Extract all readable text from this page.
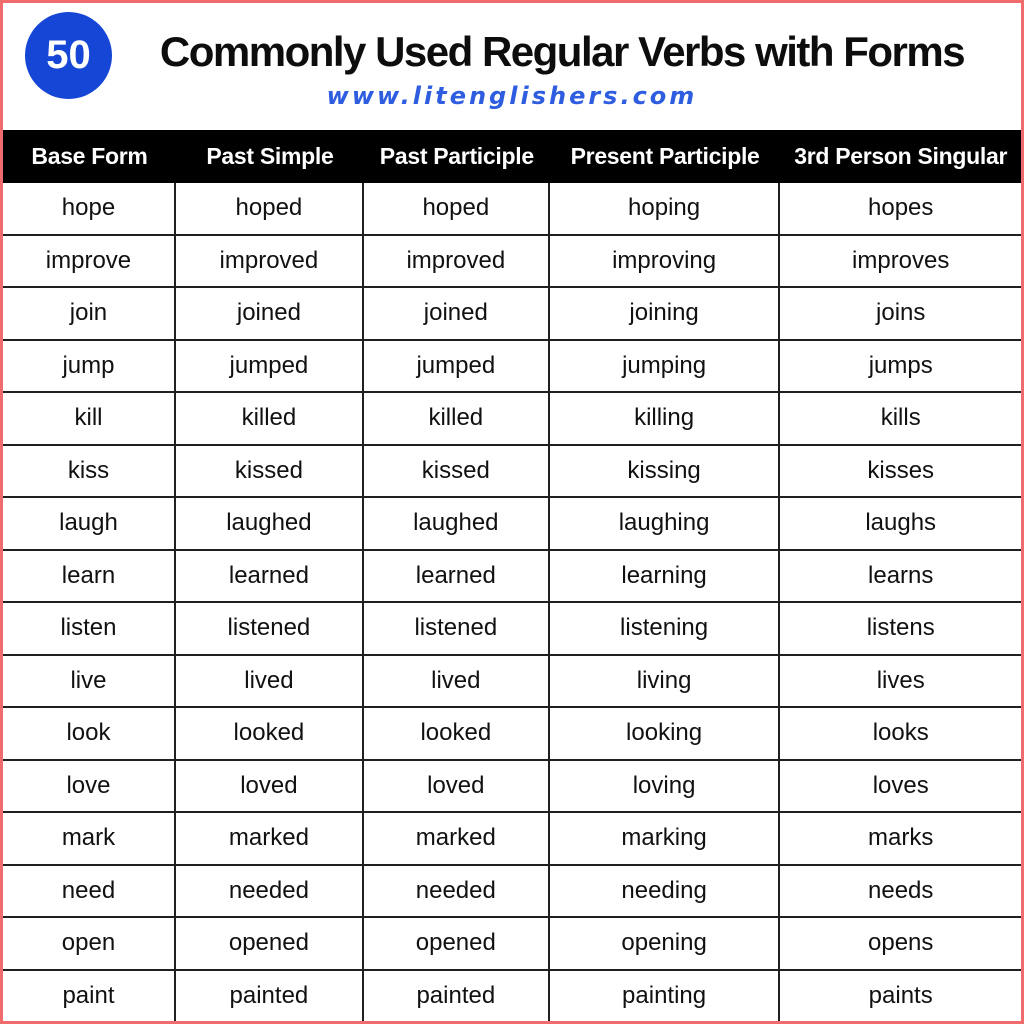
50	Commonly Used Regular Verbs with Forms
www.litenglishers.com
Base Form	Past Simple	Past Participle	Present Participle	3rd Person Singular
hope	hoped	hoped	hoping	hopes
improve	improved	improved	improving	improves
join	joined	joined	joining	joins
jump	jumped	jumped	jumping	jumps
kill	killed	killed	killing	kills
kiss	kissed	kissed	kissing	kisses
laugh	laughed	laughed	laughing	laughs
learn	learned	learned	learning	learns
listen	listened	listened	listening	listens
live	lived	lived	living	lives
look	looked	looked	looking	looks
love	loved	loved	loving	loves
mark	marked	marked	marking	marks
need	needed	needed	needing	needs
open	opened	opened	opening	opens
paint	painted	painted	painting	paints
